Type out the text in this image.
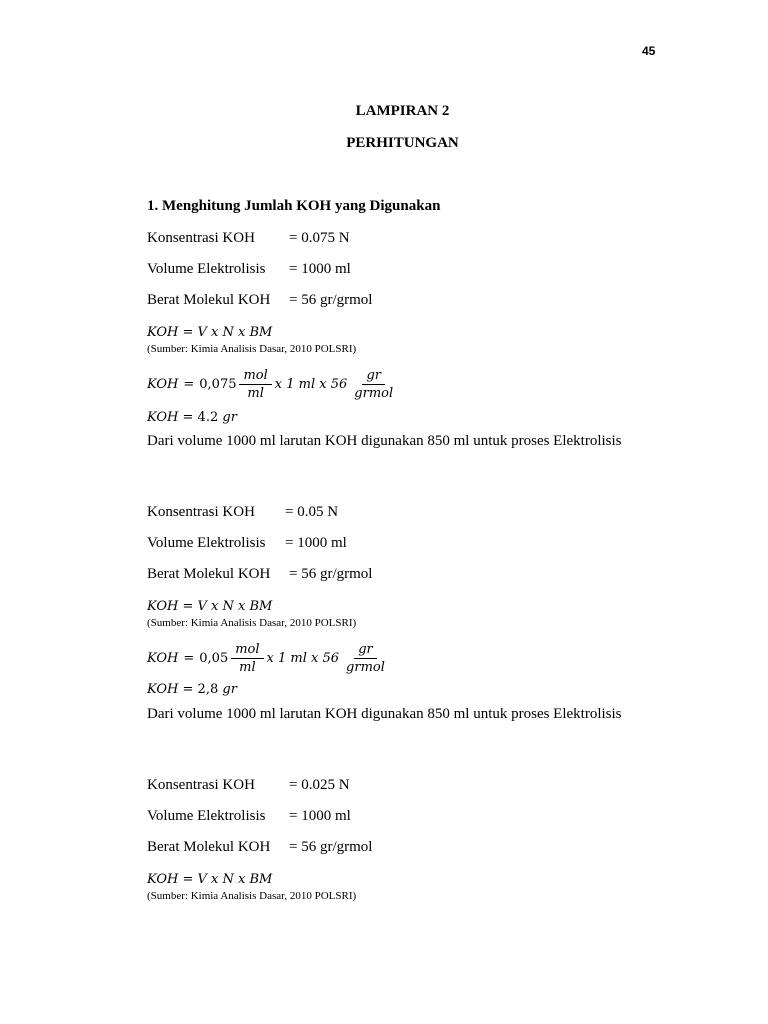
45
LAMPIRAN 2
PERHITUNGAN
1. Menghitung Jumlah KOH yang Digunakan
Konsentrasi KOH = 0.075 N
Volume Elektrolisis = 1000 ml
Berat Molekul KOH = 56 gr/grmol
KOH = V x N x BM
(Sumber: Kimia Analisis Dasar, 2010 POLSRI)
KOH = $0,075 \frac{\text{mol}}{ml}$ x 1 ml x $56 \frac{gr}{\text{grmol}}$
KOH = 4.2 gr
Dari volume 1000 ml larutan KOH digunakan 850 ml untuk proses Elektrolisis
Konsentrasi KOH = 0.05 N
Volume Elektrolisis = 1000 ml
Berat Molekul KOH = 56 gr/grmol
KOH = V x N x BM
(Sumber: Kimia Analisis Dasar, 2010 POLSRI)
KOH = $0,05 \frac{\text{mol}}{ml}$ x 1 ml x $56 \frac{gr}{\text{grmol}}$
KOH = 2,8 gr
Dari volume 1000 ml larutan KOH digunakan 850 ml untuk proses Elektrolisis
Konsentrasi KOH = 0.025 N
Volume Elektrolisis = 1000 ml
Berat Molekul KOH = 56 gr/grmol
KOH = V x N x BM
(Sumber: Kimia Analisis Dasar, 2010 POLSRI)
